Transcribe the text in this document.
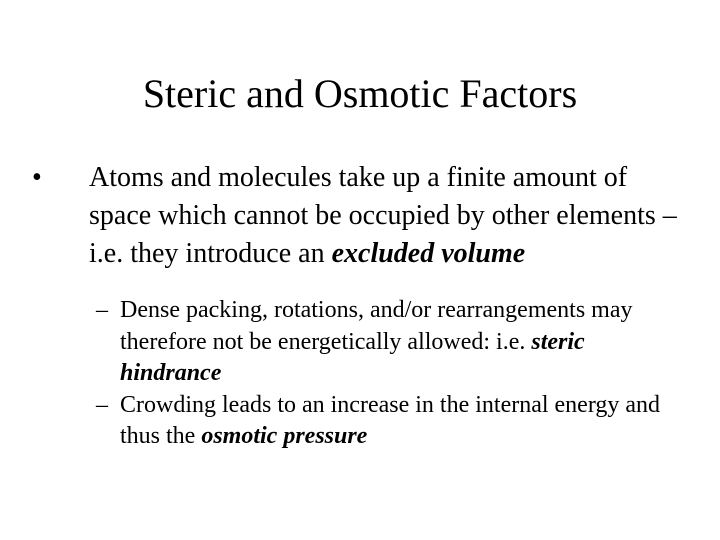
Steric and Osmotic Factors
• Atoms and molecules take up a finite amount of space which cannot be occupied by other elements – i.e. they introduce an excluded volume
– Dense packing, rotations, and/or rearrangements may therefore not be energetically allowed: i.e. steric hindrance
– Crowding leads to an increase in the internal energy and thus the osmotic pressure
